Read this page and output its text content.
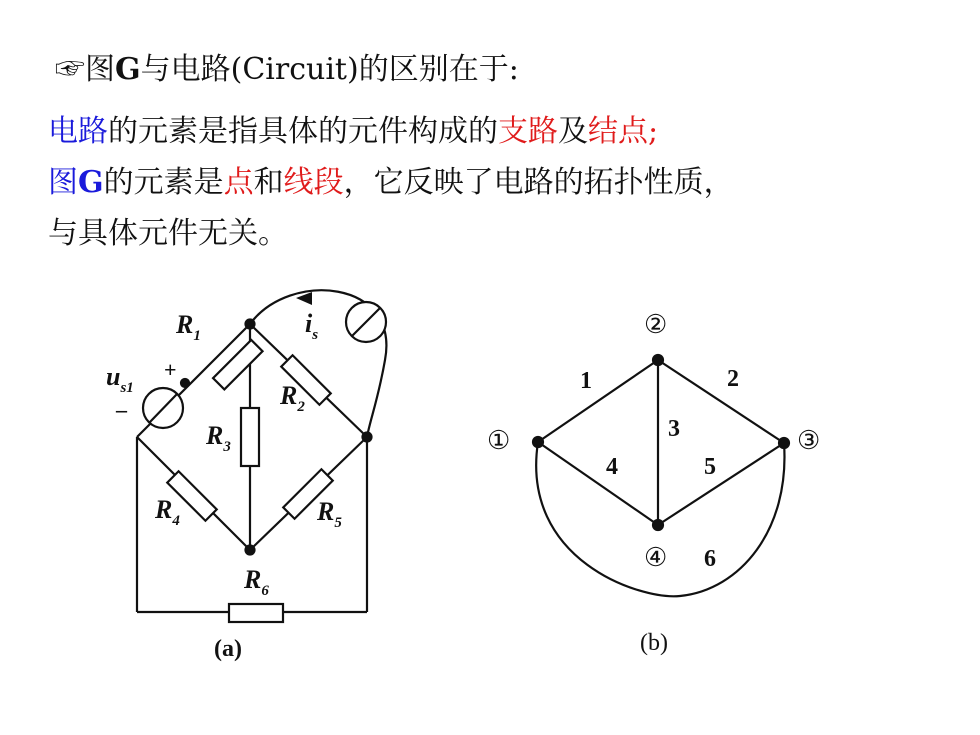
☞图G与电路(Circuit)的区别在于:
电路的元素是指具体的元件构成的支路及结点;
图G的元素是点和线段，它反映了电路的拓扑性质，
与具体元件无关。
$R_1$
$R_2$
$R_3$
$R_4$	$R_5$
$R_6$
$u_{s1}$
+
–
$i_s$
(a)
①
②
③
④
1	2
3
4	5
6
(b)
